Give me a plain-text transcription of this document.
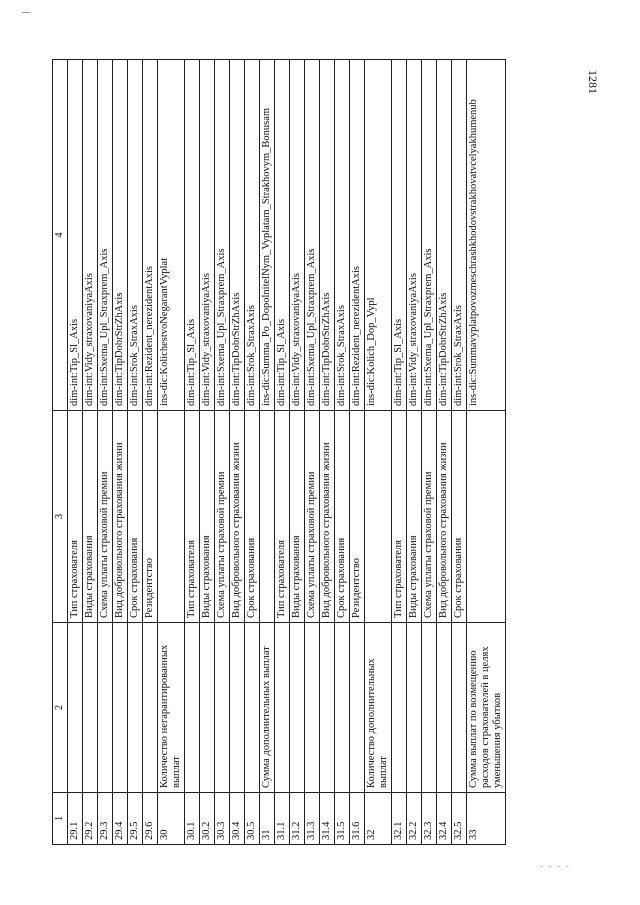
1281
- - - -
1	2	3	4
29.1		Тип страхователя	dim-int:Tip_Sl_Axis
29.2		Виды страхования	dim-int:Vidy_straxovaniyaAxis
29.3		Схема уплаты страховой премии	dim-int:Sxema_Upl_Straxprem_Axis
29.4		Вид добровольного страхования жизни	dim-int:TipDobrStrZhAxis
29.5		Срок страхования	dim-int:Srok_StraxAxis
29.6		Резидентство	dim-int:Rezident_nerezidentAxis
30	Количество негарантированных выплат		ins-dic:KolichestvoNegarantVyplat
30.1		Тип страхователя	dim-int:Tip_Sl_Axis
30.2		Виды страхования	dim-int:Vidy_straxovaniyaAxis
30.3		Схема уплаты страховой премии	dim-int:Sxema_Upl_Straxprem_Axis
30.4		Вид добровольного страхования жизни	dim-int:TipDobrStrZhAxis
30.5		Срок страхования	dim-int:Srok_StraxAxis
31	Сумма дополнительных выплат		ins-dic:Summa_Po_DopolnitelNym_Vyplatam_Strakhovym_Bonusam
31.1		Тип страхователя	dim-int:Tip_Sl_Axis
31.2		Виды страхования	dim-int:Vidy_straxovaniyaAxis
31.3		Схема уплаты страховой премии	dim-int:Sxema_Upl_Straxprem_Axis
31.4		Вид добровольного страхования жизни	dim-int:TipDobrStrZhAxis
31.5		Срок страхования	dim-int:Srok_StraxAxis
31.6		Резидентство	dim-int:Rezident_nerezidentAxis
32	Количество дополнительных выплат		ins-dic:Kolich_Dop_Vypl
32.1		Тип страхователя	dim-int:Tip_Sl_Axis
32.2		Виды страхования	dim-int:Vidy_straxovaniyaAxis
32.3		Схема уплаты страховой премии	dim-int:Sxema_Upl_Straxprem_Axis
32.4		Вид добровольного страхования жизни	dim-int:TipDobrStrZhAxis
32.5		Срок страхования	dim-int:Srok_StraxAxis
33	Сумма выплат по возмещению расходов страхователей в целях уменьшения убытков		ins-dic:Summavyplatpovozmeschrashkhodovstrakhovatvcelyakhumenub
